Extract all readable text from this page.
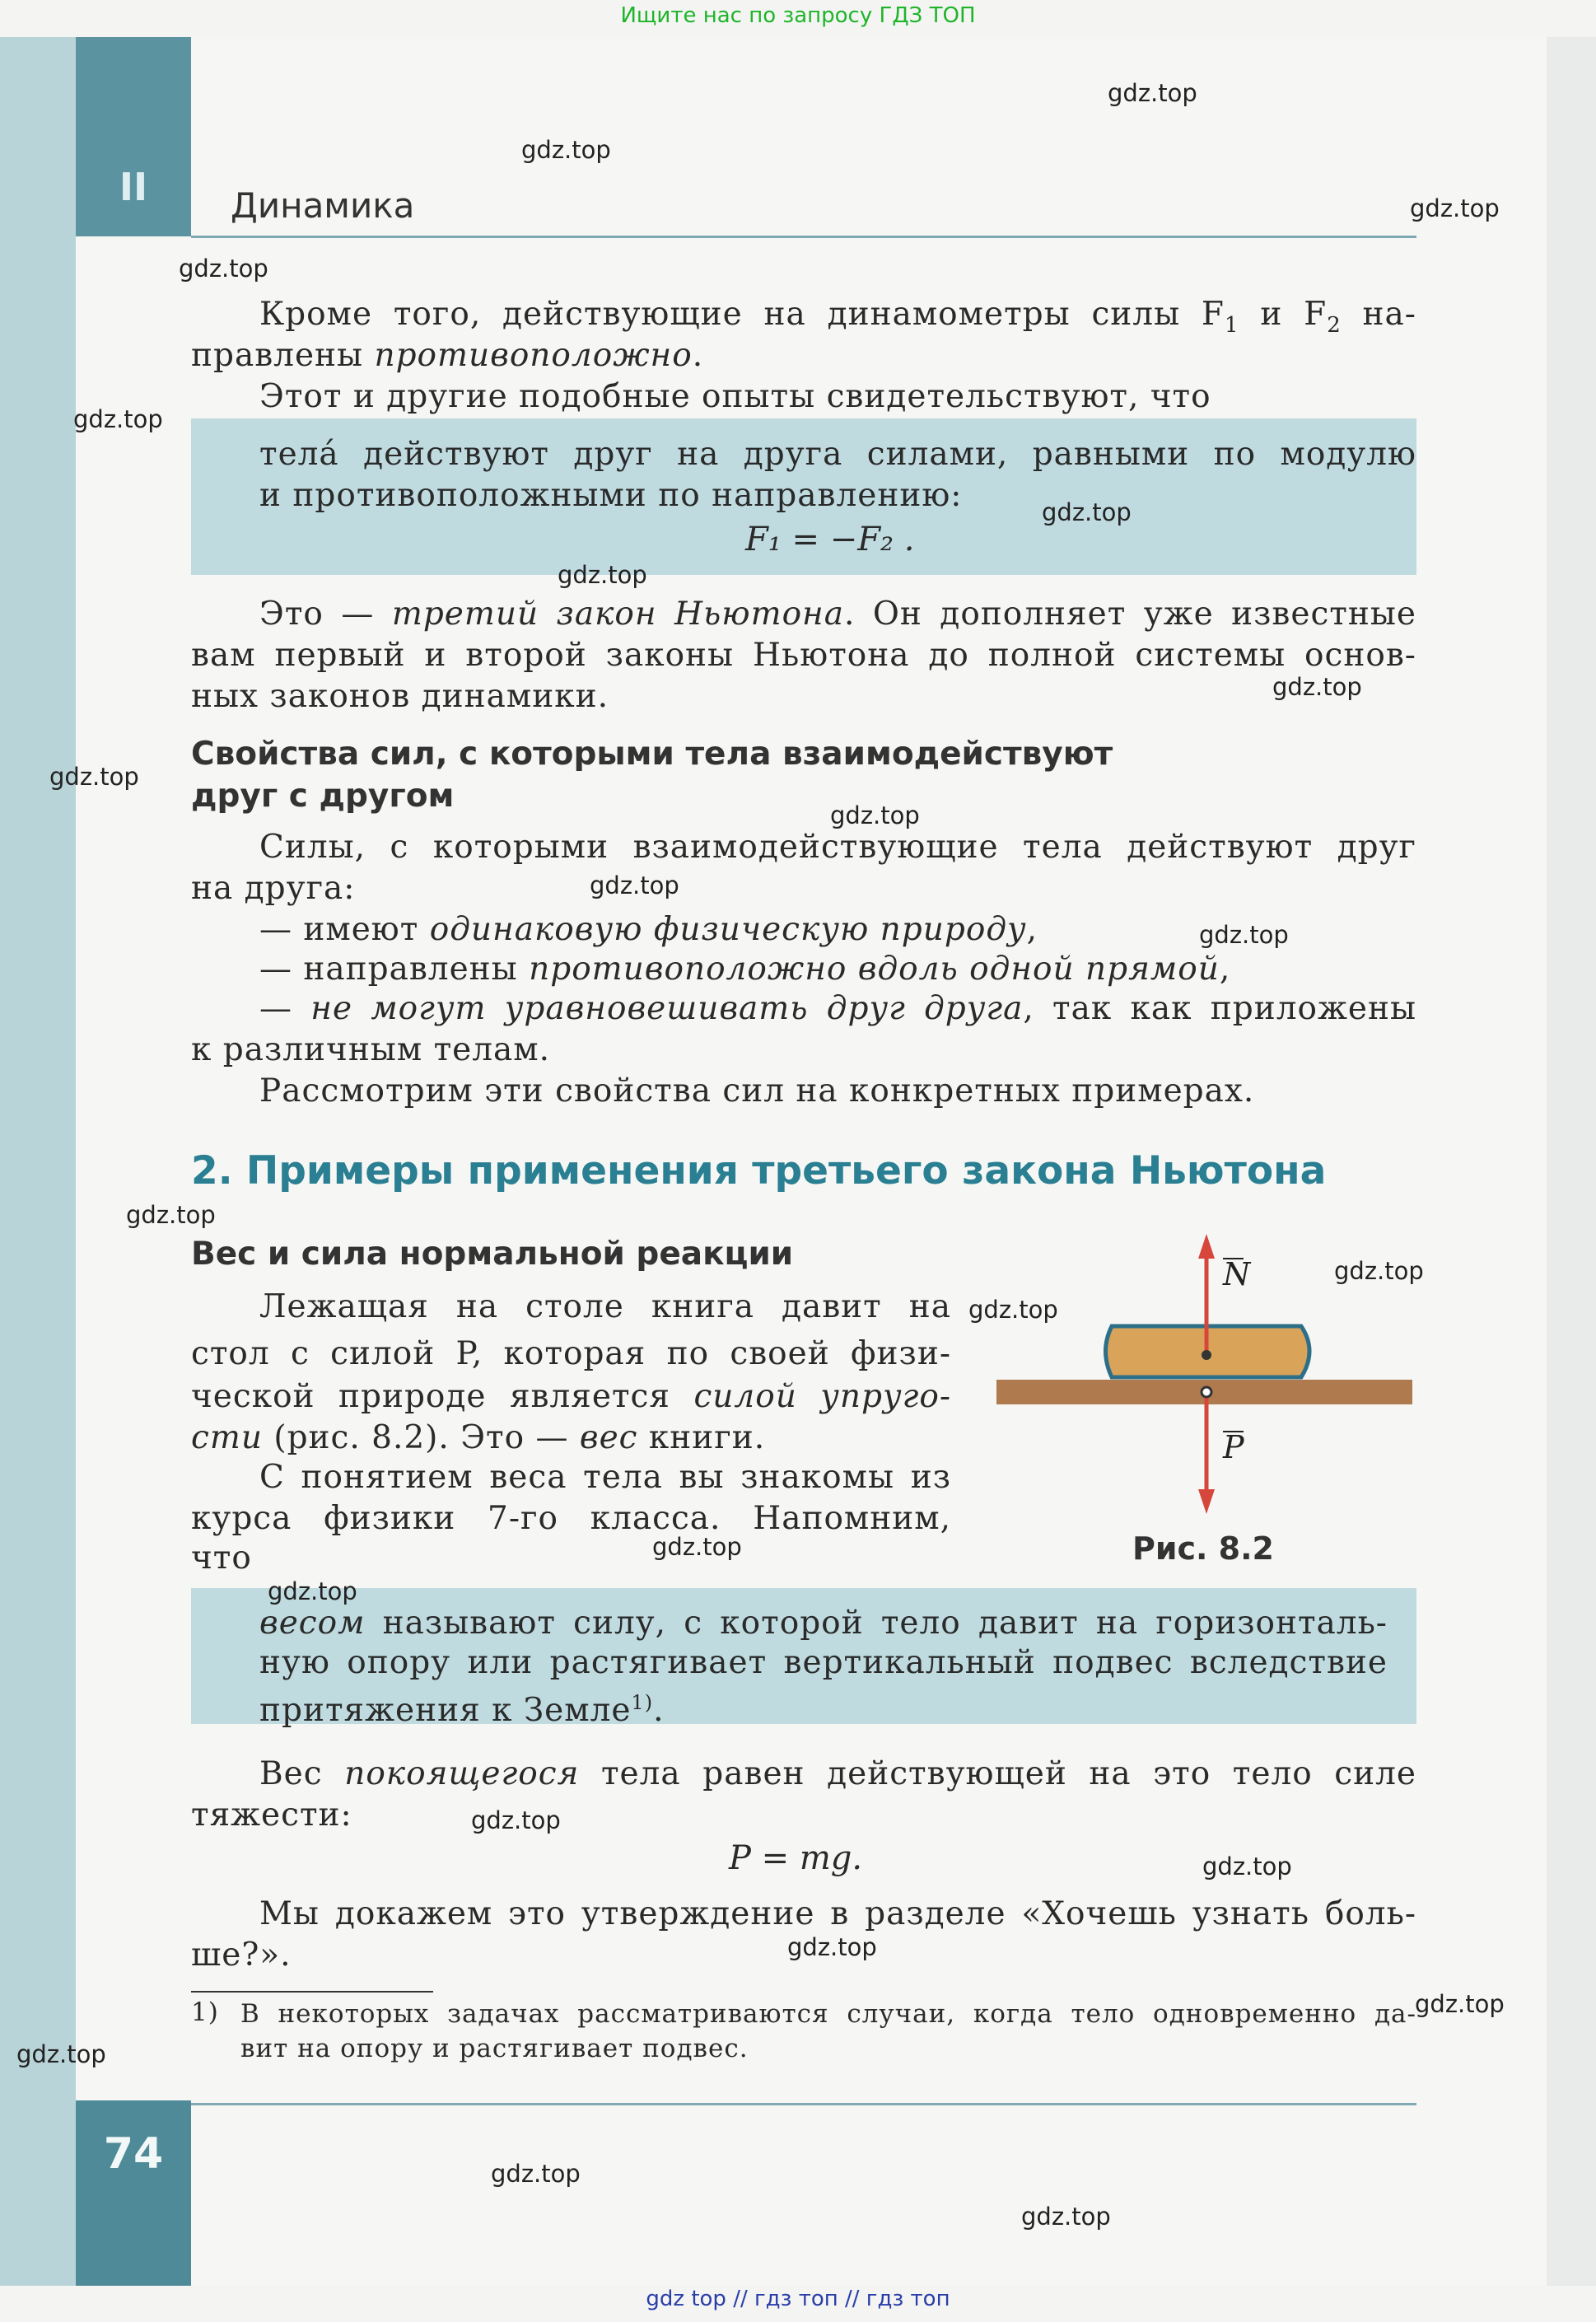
II	Динамика
Ищите нас по запросу ГДЗ ТОП
Кроме того, действующие на динамометры силы $F_1$ и $F_2$ на-
правлены противоположно.
Этот и другие подобные опыты свидетельствуют, что
телá действуют друг на друга силами, равными по модулю
и противоположными по направлению:
F₁ = −F₂ .
Это — третий закон Ньютона. Он дополняет уже известные
вам первый и второй законы Ньютона до полной системы основ-
ных законов динамики.
Свойства сил, с которыми тела взаимодействуют
друг с другом
Силы, с которыми взаимодействующие тела действуют друг
на друга:
— имеют одинаковую физическую природу,
— направлены противоположно вдоль одной прямой,
— не могут уравновешивать друг друга, так как приложены
к различным телам.
Рассмотрим эти свойства сил на конкретных примерах.
2. Примеры применения третьего закона Ньютона
Вес и сила нормальной реакции
Лежащая на столе книга давит на
стол с силой P, которая по своей физи-
ческой природе является силой упруго-
сти (рис. 8.2). Это — вес книги.
С понятием веса тела вы знакомы из
курса физики 7-го класса. Напомним,
что
N
P
Рис. 8.2
весом называют силу, с которой тело давит на горизонталь-
ную опору или растягивает вертикальный подвес вследствие
притяжения к Земле$^{1)}$.
Вес покоящегося тела равен действующей на это тело силе
тяжести:
P = mg.
Мы докажем это утверждение в разделе «Хочешь узнать боль-
ше?».
1) В некоторых задачах рассматриваются случаи, когда тело одновременно да-
вит на опору и растягивает подвес.
74
gdz top // гдз топ // гдз топ
gdz.top
gdz.top
gdz.top
gdz.top
gdz.top
gdz.top
gdz.top
gdz.top
gdz.top
gdz.top
gdz.top
gdz.top
gdz.top
gdz.top
gdz.top
gdz.top
gdz.top
gdz.top
gdz.top
gdz.top
gdz.top
gdz.top
gdz.top
gdz.top
